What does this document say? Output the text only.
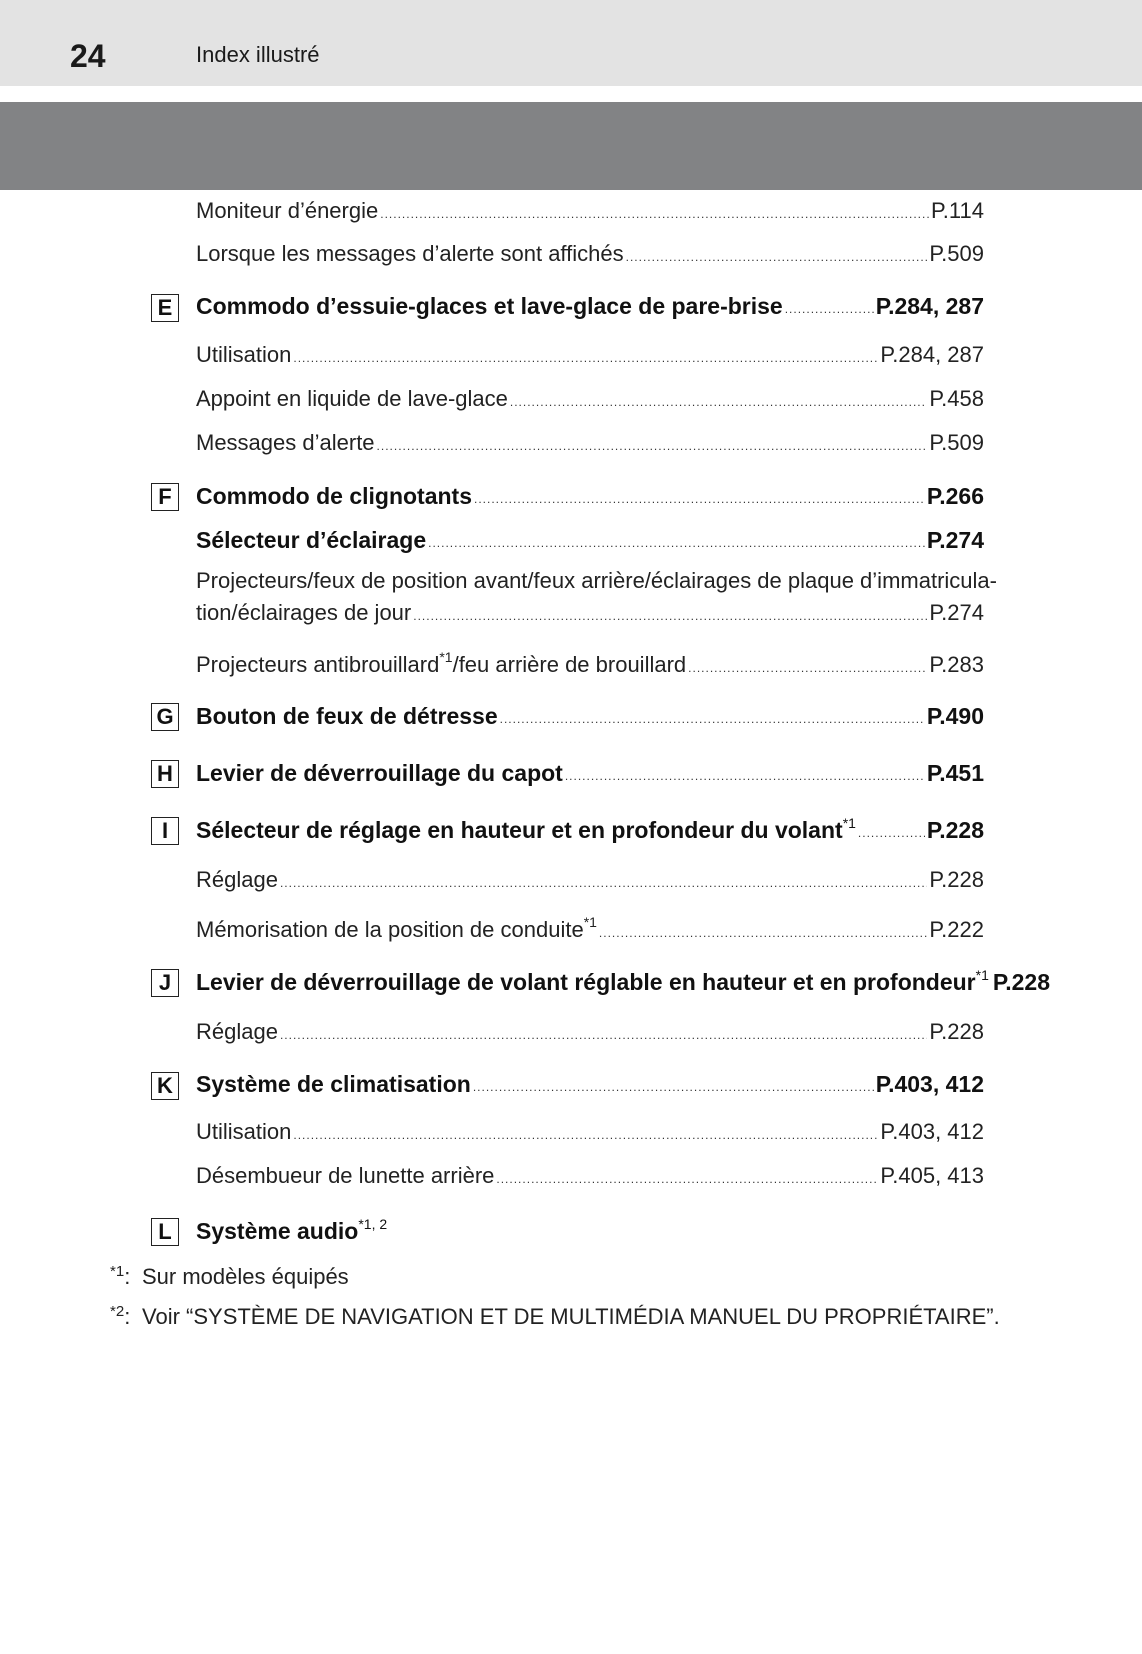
24	Index illustré
Moniteur d’énergie .....	P.114
Lorsque les messages d’alerte sont affichés .....	P.509
E Commodo d’essuie-glaces et lave-glace de pare-brise .....	P.284, 287
Utilisation .....	P.284, 287
Appoint en liquide de lave-glace .....	P.458
Messages d’alerte .....	P.509
F	Commodo de clignotants .....	P.266
Sélecteur d’éclairage .....	P.274
Projecteurs/feux de position avant/feux arrière/éclairages de plaque d’immatricula-
tion/éclairages de jour .....	P.274
Projecteurs antibrouillard$^{*1}$/feu arrière de brouillard .....	P.283
G Bouton de feux de détresse .....	P.490
H Levier de déverrouillage du capot .....	P.451
I	Sélecteur de réglage en hauteur et en profondeur du volant$^{*1}$ .....	P.228
Réglage .....	P.228
Mémorisation de la position de conduite$^{*1}$ .....	P.222
J	Levier de déverrouillage de volant réglable en hauteur et en profondeur$^{*1}$ P.228
Réglage .....	P.228
K Système de climatisation .....	P.403, 412
Utilisation .....	P.403, 412
Désembueur de lunette arrière .....	P.405, 413
L	Système audio$^{*1, 2}$
$^{*1}$: Sur modèles équipés
$^{*2}$: Voir “SYSTÈME DE NAVIGATION ET DE MULTIMÉDIA MANUEL DU PROPRIÉTAIRE”.
